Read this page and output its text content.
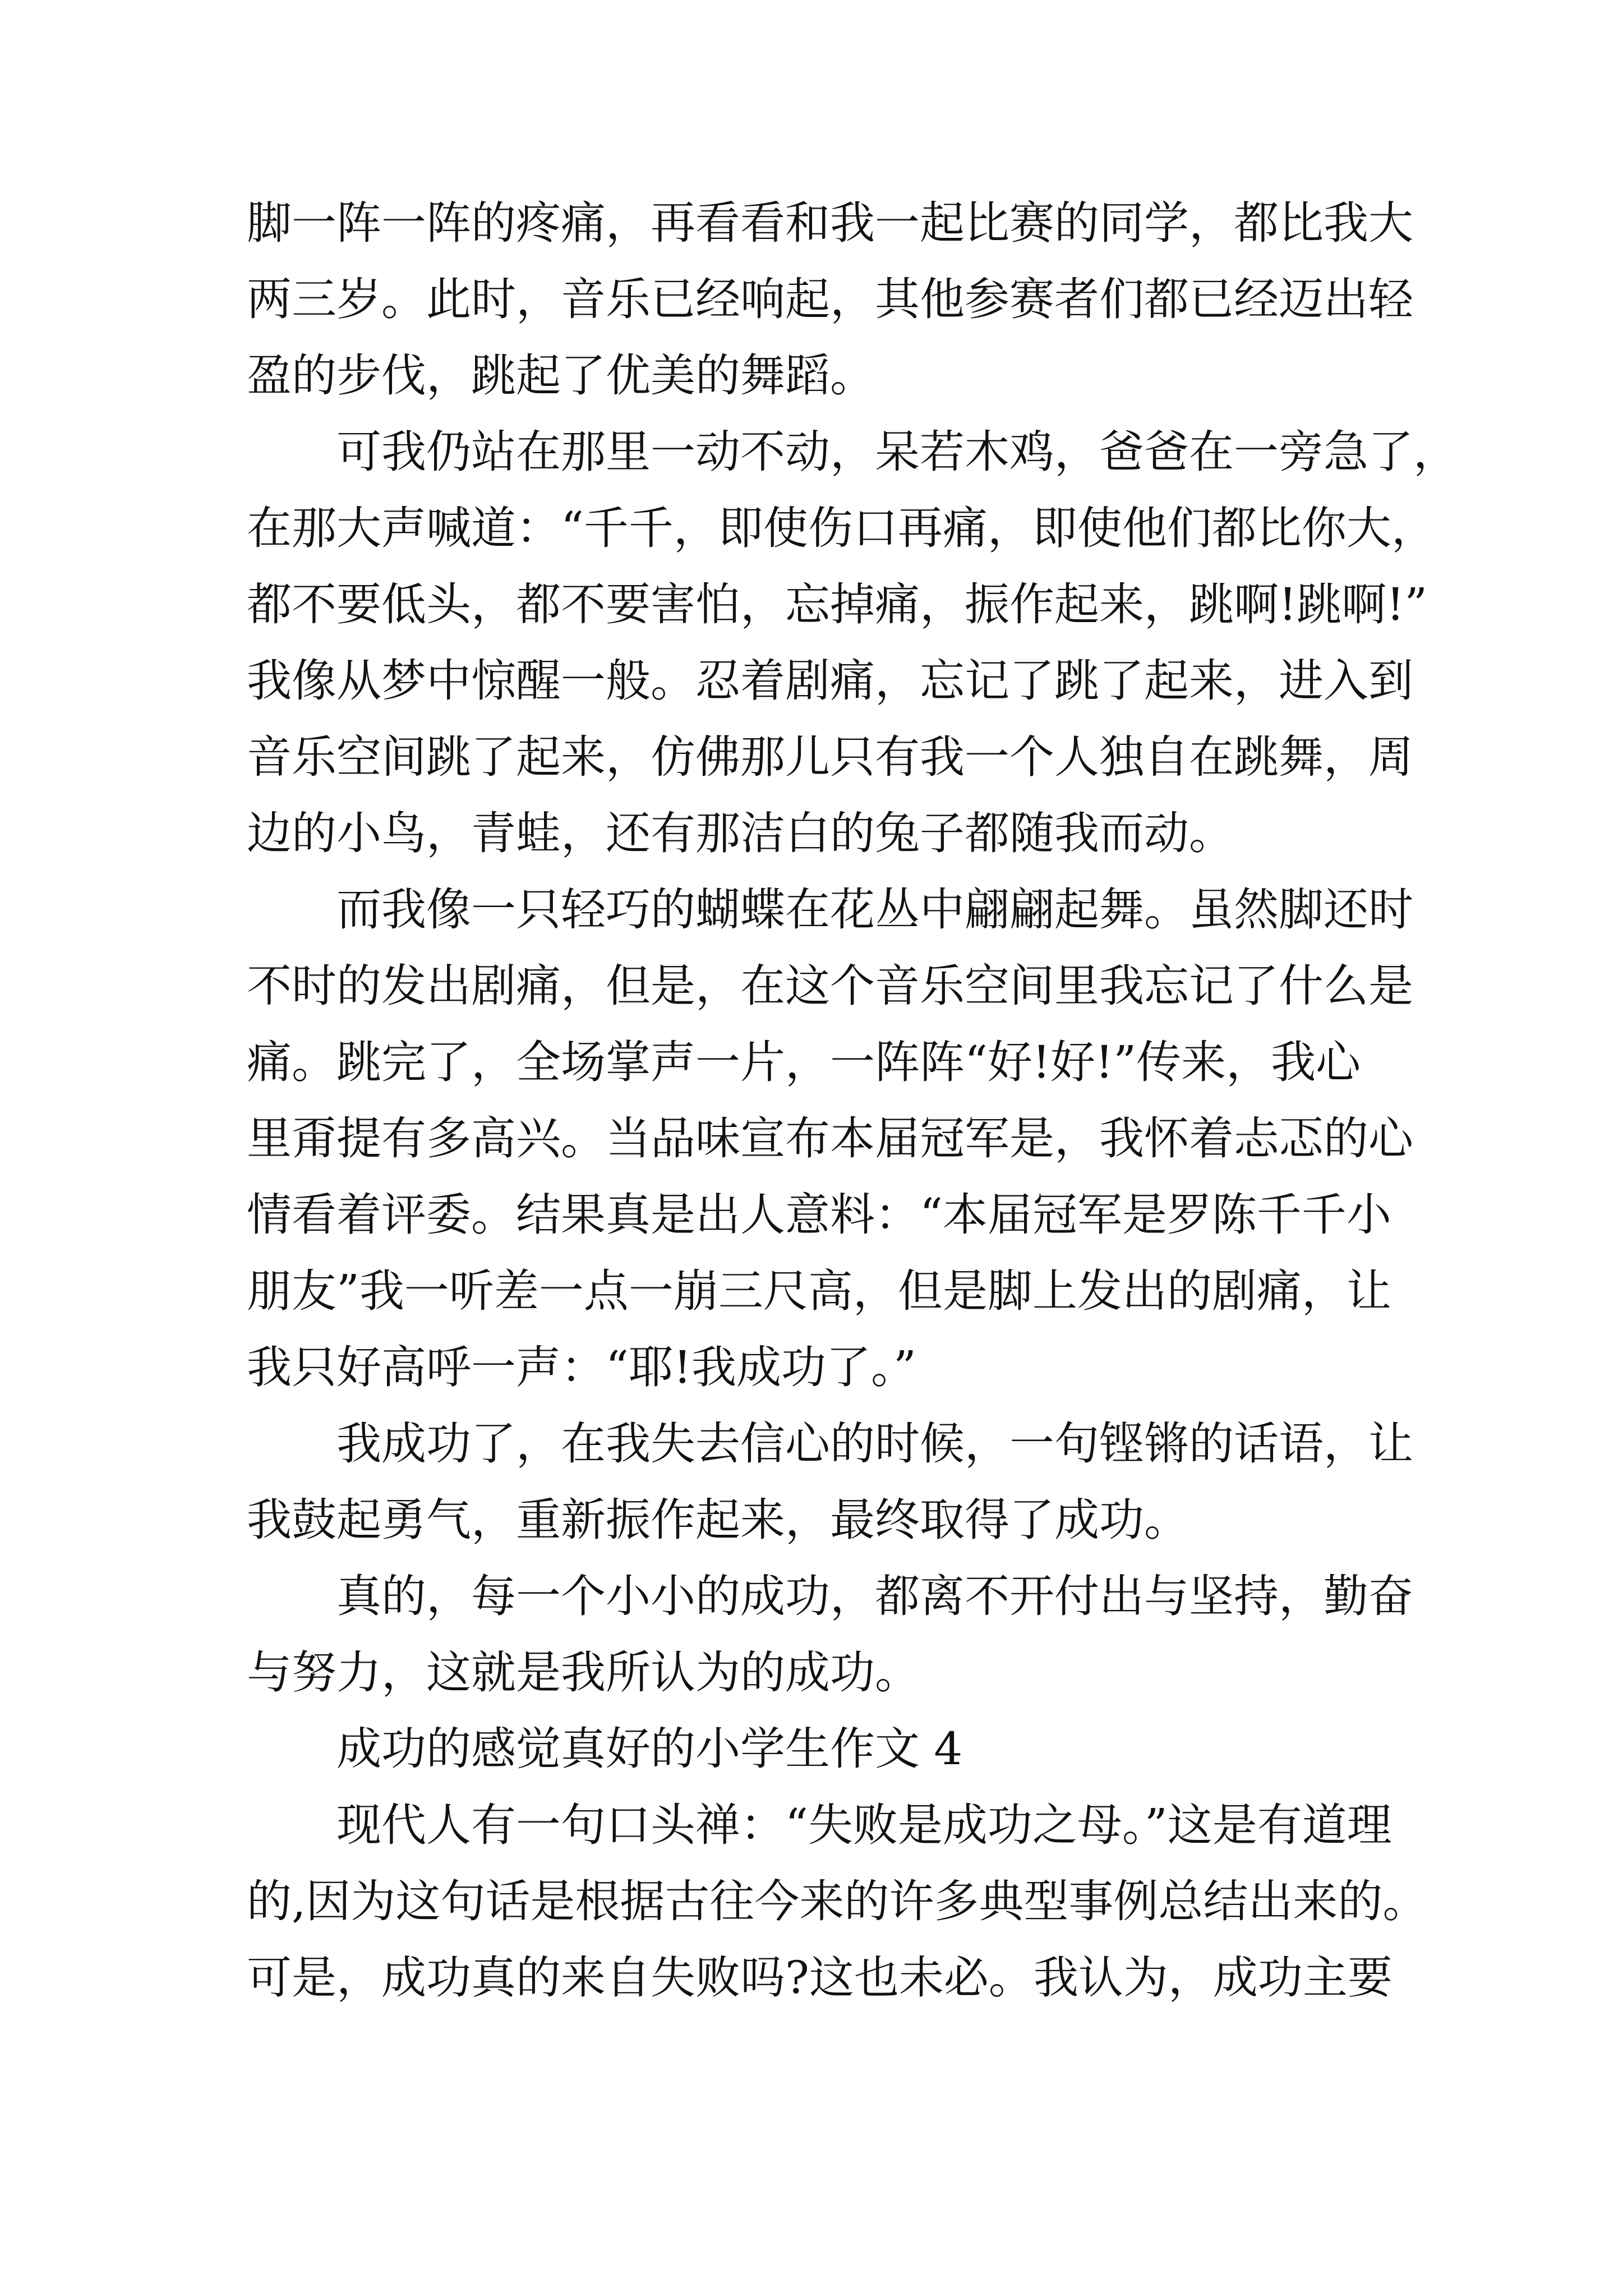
脚一阵一阵的疼痛，再看看和我一起比赛的同学，都比我大
两三岁。此时，音乐已经响起，其他参赛者们都已经迈出轻
盈的步伐，跳起了优美的舞蹈。
可我仍站在那里一动不动，呆若木鸡，爸爸在一旁急了，
在那大声喊道：“千千，即使伤口再痛，即使他们都比你大，
都不要低头，都不要害怕，忘掉痛，振作起来，跳啊!跳啊!”
我像从梦中惊醒一般。忍着剧痛，忘记了跳了起来，进入到
音乐空间跳了起来，仿佛那儿只有我一个人独自在跳舞，周
边的小鸟，青蛙，还有那洁白的兔子都随我而动。
而我像一只轻巧的蝴蝶在花丛中翩翩起舞。虽然脚还时
不时的发出剧痛，但是，在这个音乐空间里我忘记了什么是
痛。跳完了，全场掌声一片，一阵阵“好!好!”传来，我心
里甭提有多高兴。当品味宣布本届冠军是，我怀着忐忑的心
情看着评委。结果真是出人意料：“本届冠军是罗陈千千小
朋友”我一听差一点一崩三尺高，但是脚上发出的剧痛，让
我只好高呼一声：“耶!我成功了。”
我成功了，在我失去信心的时候，一句铿锵的话语，让
我鼓起勇气，重新振作起来，最终取得了成功。
真的，每一个小小的成功，都离不开付出与坚持，勤奋
与努力，这就是我所认为的成功。
成功的感觉真好的小学生作文 4
现代人有一句口头禅：“失败是成功之母。”这是有道理
的,因为这句话是根据古往今来的许多典型事例总结出来的。
可是，成功真的来自失败吗?这也未必。我认为，成功主要
